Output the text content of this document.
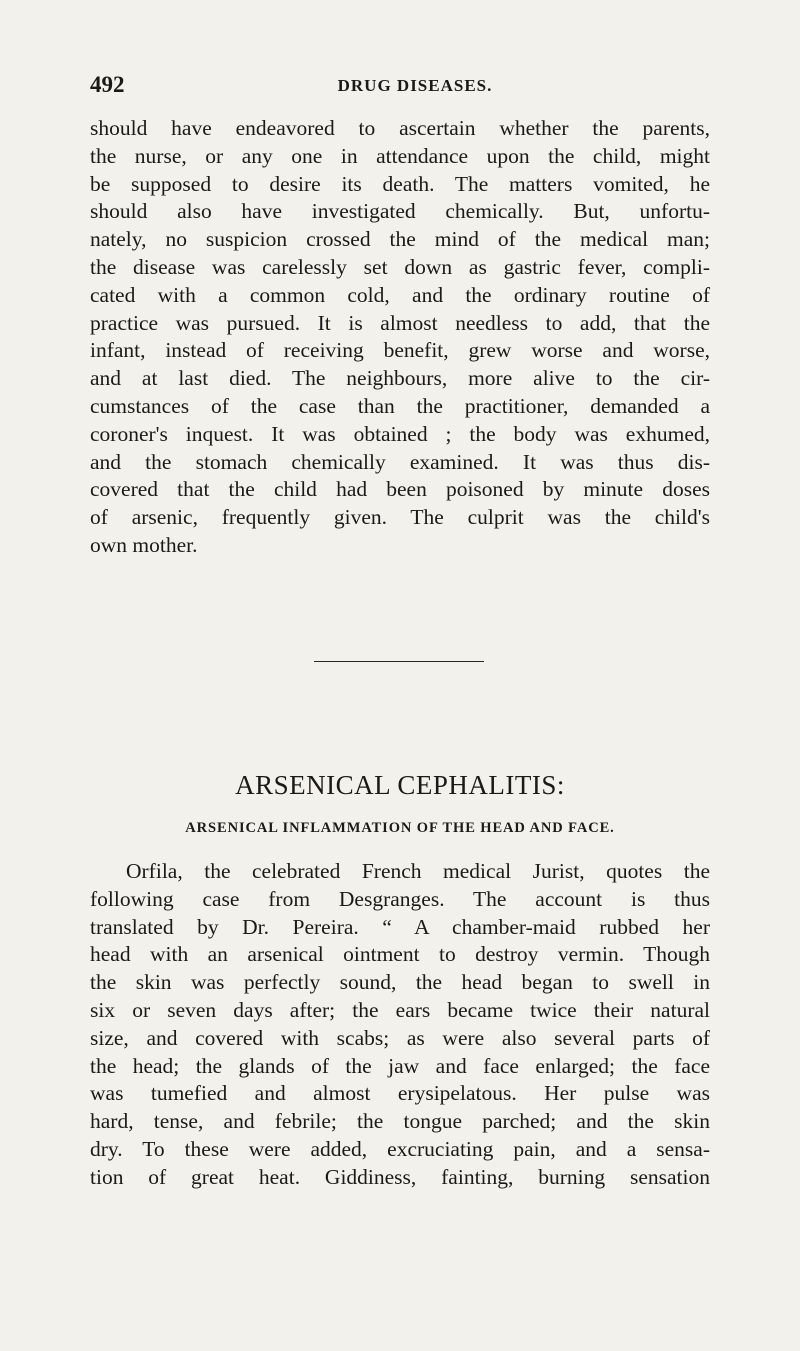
492	DRUG DISEASES.
should have endeavored to ascertain whether the parents,
the nurse, or any one in attendance upon the child, might
be supposed to desire its death. The matters vomited, he
should also have investigated chemically. But, unfortu-
nately, no suspicion crossed the mind of the medical man;
the disease was carelessly set down as gastric fever, compli-
cated with a common cold, and the ordinary routine of
practice was pursued. It is almost needless to add, that the
infant, instead of receiving benefit, grew worse and worse,
and at last died. The neighbours, more alive to the cir-
cumstances of the case than the practitioner, demanded a
coroner's inquest. It was obtained ; the body was exhumed,
and the stomach chemically examined. It was thus dis-
covered that the child had been poisoned by minute doses
of arsenic, frequently given. The culprit was the child's
own mother.
ARSENICAL CEPHALITIS:
ARSENICAL INFLAMMATION OF THE HEAD AND FACE.
Orfila, the celebrated French medical Jurist, quotes the
following case from Desgranges. The account is thus
translated by Dr. Pereira. “ A chamber-maid rubbed her
head with an arsenical ointment to destroy vermin. Though
the skin was perfectly sound, the head began to swell in
six or seven days after; the ears became twice their natural
size, and covered with scabs; as were also several parts of
the head; the glands of the jaw and face enlarged; the face
was tumefied and almost erysipelatous. Her pulse was
hard, tense, and febrile; the tongue parched; and the skin
dry. To these were added, excruciating pain, and a sensa-
tion of great heat. Giddiness, fainting, burning sensation
